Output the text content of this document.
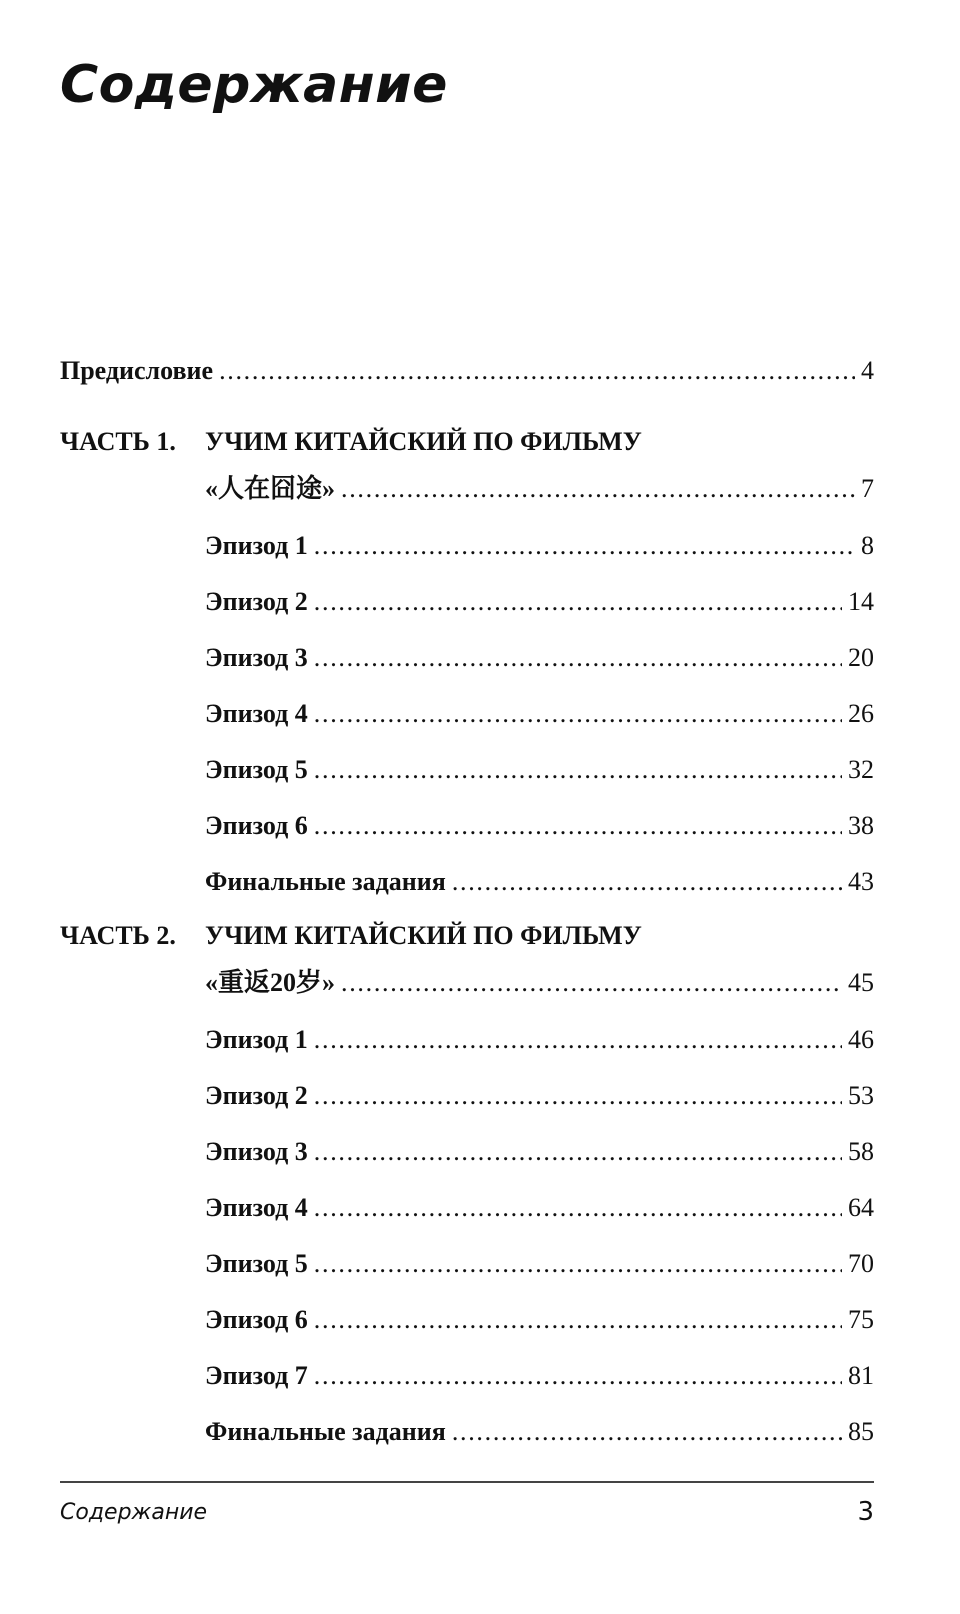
Содержание
Предисловие . . .	4
ЧАСТЬ 1. УЧИМ КИТАЙСКИЙ ПО ФИЛЬМУ
«人在囧途» . . .	7
Эпизод 1 . . .	8
Эпизод 2 . . .	14
Эпизод 3 . . .	20
Эпизод 4 . . .	26
Эпизод 5 . . .	32
Эпизод 6 . . .	38
Финальные задания . . .	43
ЧАСТЬ 2. УЧИМ КИТАЙСКИЙ ПО ФИЛЬМУ
«重返20岁» . . .	45
Эпизод 1 . . .	46
Эпизод 2 . . .	53
Эпизод 3 . . .	58
Эпизод 4 . . .	64
Эпизод 5 . . .	70
Эпизод 6 . . .	75
Эпизод 7 . . .	81
Финальные задания . . .	85
Содержание	3
